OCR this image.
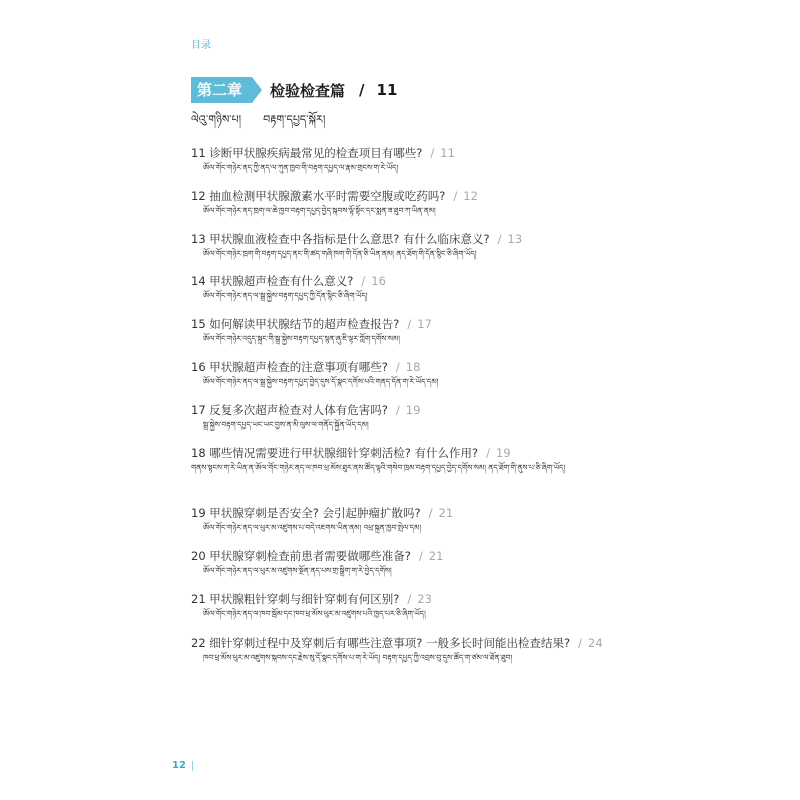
目录
第二章	检验检查篇 / 11
ལེའུ་གཉིས་པ། བརྟག་དཔྱད་སྐོར།
11 诊断甲状腺疾病最常见的检查项目有哪些? / 11
ཨོལ་གོང་གཉེར་ནད་ཀྱི་ནད་ལ་ཀུན་ཁྱབ་གི་བརྟག་དཔྱད་ལ་རྣམ་གྲངས་ག་རེ་ཡོད།
12 抽血检测甲状腺激素水平时需要空腹或吃药吗? / 12
ཨོལ་གོང་གཉེར་ནད་ཁྲག་ལ་ཆེ་ཁྱབ་བརྟག་དཔྱད་བྱེད་སྐབས་ལྟོ་སྟོང་དང་སྨན་ཟ་ཐུབ་ཀ་ཡིན་ནམ།
13 甲状腺血液检查中各指标是什么意思? 有什么临床意义? / 13
ཨོལ་གོང་གཉེར་ཁྲག་གི་བརྟག་དཔྱད་ནང་གི་ཚད་གཞི་ཁག་གི་དོན་ཅི་ཡིན་ནམ། ནད་ཐོག་གི་དོན་སྙིང་ཅི་ཞིག་ཡོད།
14 甲状腺超声检查有什么意义? / 16
ཨོལ་གོང་གཉེར་ནད་ལ་སྒྲ་སྐྱེས་བརྟག་དཔྱད་ཀྱི་དོན་སྙིང་ཅི་ཞིག་ཡོད།
15 如何解读甲状腺结节的超声检查报告? / 17
ཨོལ་གོང་གཉེར་འདུད་སྐྲང་གི་སྒྲ་སྐྱེས་བརྟག་དཔྱད་སྙན་ཞུ་ཇི་ལྟར་ཀློག་དགོས་སམ།
16 甲状腺超声检查的注意事项有哪些? / 18
ཨོལ་གོང་གཉེར་ནད་ལ་སྒྲ་སྐྱེས་བརྟག་དཔྱད་བྱེད་དུས་དོ་སྣང་དགོས་པའི་གནད་དོན་ག་རེ་ཡོད་དམ།
17 反复多次超声检查对人体有危害吗? / 19
སྒྲ་སྐྱེས་བརྟག་དཔྱད་ཡང་ཡང་བྱས་ན་མི་ལུས་ལ་གནོད་སྐྱོན་ཡོད་དམ།
18 哪些情况需要进行甲状腺细针穿刺活检? 有什么作用? / 19
གནས་སྟངས་ག་རེ་ཡིན་ན་ཨོལ་གོང་གཉེར་ནད་ལ་ཁབ་ཕྲ་མོས་ཐུར་ནས་ཚོད་ལྟའི་གསེབ་ཁྲམ་བརྟག་དཔྱད་བྱེད་དགོས་སམ། ནད་ཐོག་གི་ནུས་པ་ཅི་ཞིག་ཡོད།
19 甲状腺穿刺是否安全? 会引起肿瘤扩散吗? / 21
ཨོལ་གོང་གཉེར་ནད་ལ་ཕུར་མ་འཛུགས་པ་བདེ་འཇགས་ཡིན་ནམ། འཕྲ་སྐྲན་ཁྱབ་སྤེལ་དམ།
20 甲状腺穿刺检查前患者需要做哪些准备? / 21
ཨོལ་གོང་གཉེར་ནད་ལ་ཕུར་མ་འཛུགས་སྔོན་ནད་པས་གྲ་སྒྲིག་ག་རེ་བྱེད་དགོས།
21 甲状腺粗针穿刺与细针穿刺有何区别? / 23
ཨོལ་གོང་གཉེར་ནད་ལ་ཁབ་སྦོམ་དང་ཁབ་ཕྲ་མོས་ཕུར་མ་འཛུགས་པའི་ཁྱད་པར་ཅི་ཞིག་ཡོད།
22 细针穿刺过程中及穿刺后有哪些注意事项? 一般多长时间能出检查结果? / 24
ཁབ་ཕྲ་མོས་ཕུར་མ་འཛུགས་སྐབས་དང་རྗེས་སུ་དོ་སྣང་དགོས་པ་ག་རེ་ཡོད། བརྟག་དཔྱད་ཀྱི་འབྲས་བུ་དུས་ཚོད་ག་ཙམ་ལ་ཐོན་ཐུབ།
12
